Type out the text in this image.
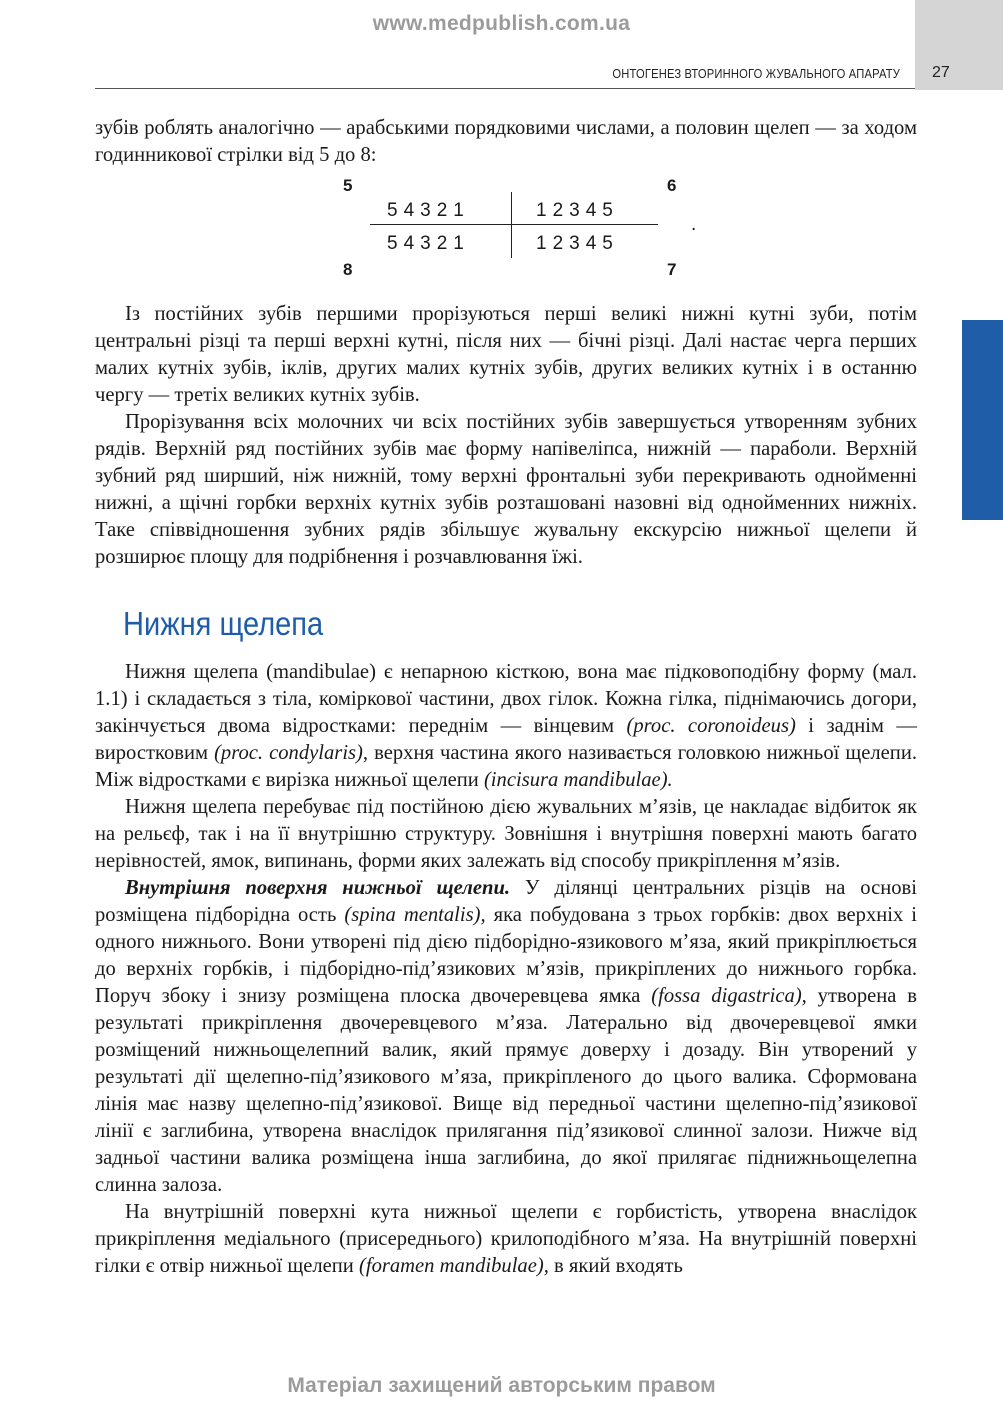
www.medpublish.com.ua
27
ОНТОГЕНЕЗ ВТОРИННОГО ЖУВАЛЬНОГО АПАРАТУ

зубів роблять аналогічно — арабськими порядковими числами, а половин щелеп — за ходом годинникової стрілки від 5 до 8:

5	6
8	7
54321	12345
54321	12345
.

Із постійних зубів першими прорізуються перші великі нижні кутні зуби, потім центральні різці та перші верхні кутні, після них — бічні різці. Далі настає черга перших малих кутніх зубів, іклів, других малих кутніх зубів, других великих кутніх і в останню чергу — третіх великих кутніх зубів.

Прорізування всіх молочних чи всіх постійних зубів завершується утворенням зубних рядів. Верхній ряд постійних зубів має форму напівеліпса, нижній — параболи. Верхній зубний ряд ширший, ніж нижній, тому верхні фронтальні зуби перекривають однойменні нижні, а щічні горбки верхніх кутніх зубів розташовані назовні від однойменних нижніх. Таке співвідношення зубних рядів збільшує жувальну екскурсію нижньої щелепи й розширює площу для подрібнення і розчавлювання їжі.

Нижня щелепа

Нижня щелепа (mandibulae) є непарною кісткою, вона має підковоподібну форму (мал. 1.1) і складається з тіла, коміркової частини, двох гілок. Кожна гілка, піднімаючись догори, закінчується двома відростками: переднім — вінцевим (proc. coronoideus) і заднім — виростковим (proc. condylaris), верхня частина якого називається головкою нижньої щелепи. Між відростками є вирізка нижньої щелепи (incisura mandibulae).

Нижня щелепа перебуває під постійною дією жувальних м’язів, це накладає відбиток як на рельєф, так і на її внутрішню структуру. Зовнішня і внутрішня поверхні мають багато нерівностей, ямок, випинань, форми яких залежать від способу прикріплення м’язів.

Внутрішня поверхня нижньої щелепи. У ділянці центральних різців на основі розміщена підборідна ость (spina mentalis), яка побудована з трьох горбків: двох верхніх і одного нижнього. Вони утворені під дією підборідно-язикового м’яза, який прикріплюється до верхніх горбків, і підборідно-під’язикових м’язів, прикріплених до нижнього горбка. Поруч збоку і знизу розміщена плоска двочеревцева ямка (fossa digastrica), утворена в результаті прикріплення двочеревцевого м’яза. Латерально від двочеревцевої ямки розміщений нижньощелепний валик, який прямує доверху і дозаду. Він утворений у результаті дії щелепно-під’язикового м’яза, прикріпленого до цього валика. Сформована лінія має назву щелепно-під’язикової. Вище від передньої частини щелепно-під’язикової лінії є заглибина, утворена внаслідок прилягання під’язикової слинної залози. Нижче від задньої частини валика розміщена інша заглибина, до якої прилягає піднижньощелепна слинна залоза.

На внутрішній поверхні кута нижньої щелепи є горбистість, утворена внаслідок прикріплення медіального (присереднього) крилоподібного м’яза. На внутрішній поверхні гілки є отвір нижньої щелепи (foramen mandibulae), в який входять

Матеріал захищений авторським правом
